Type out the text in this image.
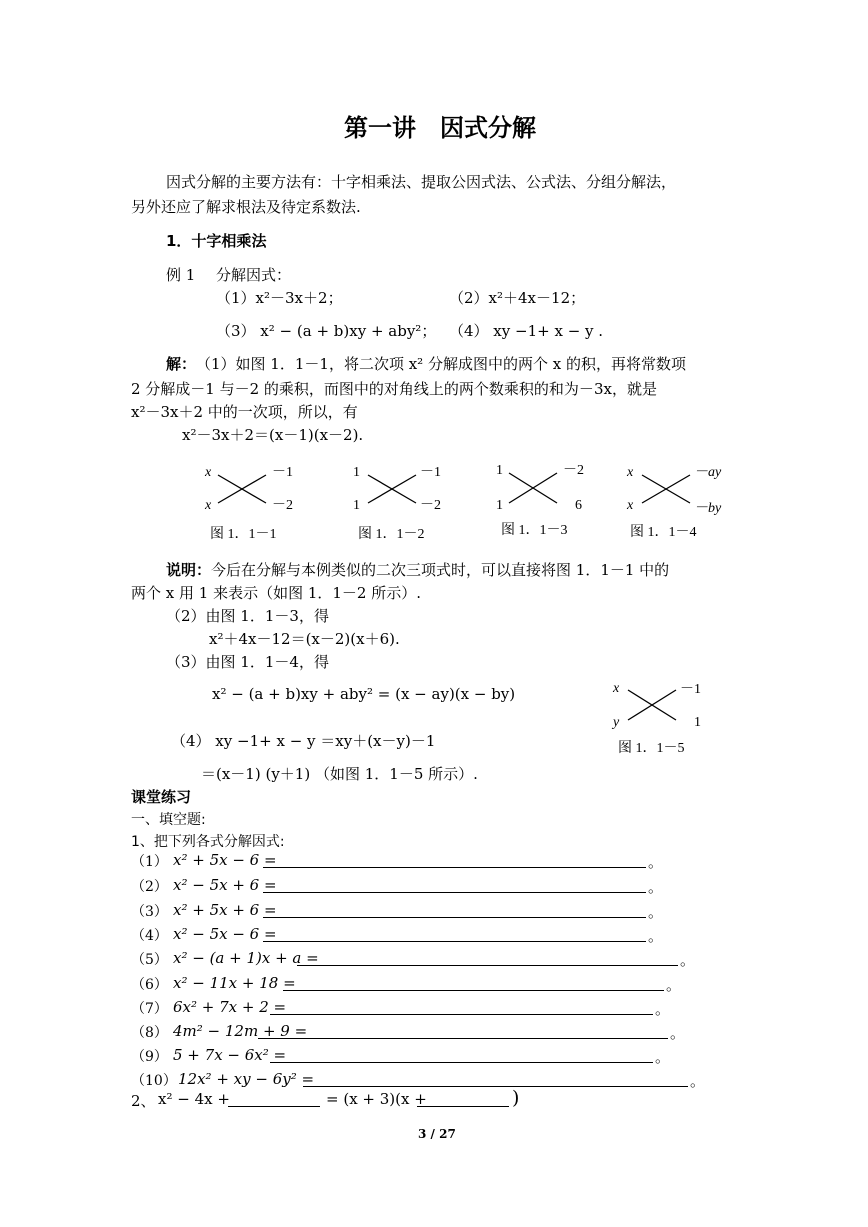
第一讲　因式分解
因式分解的主要方法有：十字相乘法、提取公因式法、公式法、分组分解法，
另外还应了解求根法及待定系数法.
1．十字相乘法
例 1 分解因式：
（1）x²－3x＋2；	（2）x²＋4x－12；
（3） x² − (a + b)xy + aby²； （4） xy −1+ x − y .
解： （1）如图 1．1－1，将二次项 x² 分解成图中的两个 x 的积，再将常数项
2 分解成－1 与－2 的乘积，而图中的对角线上的两个数乘积的和为－3x，就是
x²－3x＋2 中的一次项，所以，有
x²－3x＋2＝(x－1)(x－2).
x	－1
x	－2
图 1．1－1
1	－1
1	－2
图 1．1－2
1	－2
1	6
图 1．1－3
x	－ay
x	－by
图 1．1－4
说明： 今后在分解与本例类似的二次三项式时，可以直接将图 1．1－1 中的
两个 x 用 1 来表示（如图 1．1－2 所示）.
（2）由图 1．1－3，得
x²＋4x－12＝(x－2)(x＋6).
（3）由图 1．1－4，得
x² − (a + b)xy + aby² = (x − ay)(x − by)	x	－1
y	1
图 1．1－5
（4） xy −1+ x − y ＝xy＋(x－y)－1
＝(x－1) (y＋1) （如图 1．1－5 所示）.
课堂练习
一、填空题:
1、把下列各式分解因式:
（1） x² + 5x − 6 =	。
（2） x² − 5x + 6 =	。
（3） x² + 5x + 6 =	。
（4） x² − 5x − 6 =	。
（5） x² − (a + 1)x + a =	。
（6） x² − 11x + 18 =	。
（7） 6x² + 7x + 2 =	。
（8） 4m² − 12m + 9 =	。
（9） 5 + 7x − 6x² =	。
（10） 12x² + xy − 6y² =	。
2、 x² − 4x +	= (x + 3)(x +	)
3 / 27
